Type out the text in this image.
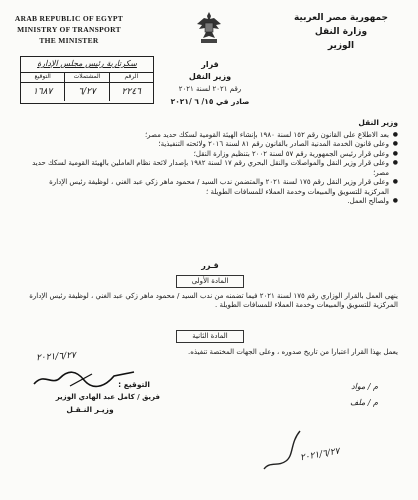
ARAB REPUBLIC OF EGYPT
MINISTRY OF TRANSPORT
THE MINISTER
جمهورية مصر العربية
وزارة النقل
الوزير
سكرتارية رئيس مجلس الإدارة
الرقم
المشتملات
التوقيع
٢٢٤٦
٦/٢٧
١٦٨٧
قرار
وزير النقل
رقم ٢٠٢١ لسنة ٢٠٢١
صادر في ١٥/ ٦ /٢٠٢١
وزير النقل
● بعد الاطلاع على القانون رقم ١٥٢ لسنة ١٩٨٠ بإنشاء الهيئة القومية لسكك حديد مصر؛
● وعلى قانون الخدمة المدنية الصادر بالقانون رقم ٨١ لسنة ٢٠١٦ ولائحته التنفيذية؛
● وعلى قرار رئيس الجمهورية رقم ٥٧ لسنة ٢٠٠٢ بتنظيم وزارة النقل؛
● وعلى قرار وزير النقل والمواصلات والنقل البحري رقم ١٧ لسنة ١٩٨٢ بإصدار لائحة نظام العاملين بالهيئة القومية لسكك حديد مصر؛
● وعلى قرار وزير النقل رقم ١٧٥ لسنة ٢٠٢١ والمتضمن ندب السيد / محمود ماهر زكي عبد الغني ، لوظيفة رئيس الإدارة المركزية للتسويق والمبيعات وخدمة العملاء للمسافات الطويلة ؛
● ولصالح العمل.
قـرر
المادة الأولى
ينهى العمل بالقرار الوزاري رقم ١٧٥ لسنة ٢٠٢١ فيما تضمنه من ندب السيد / محمود ماهر زكي عبد الغني ، لوظيفة رئيس الإدارة المركزية للتسويق والمبيعات وخدمة العملاء للمسافات الطويلة .
المادة الثانية
يعمل بهذا القرار اعتبارا من تاريخ صدوره ، وعلى الجهات المختصة تنفيذه.
٢٠٢١/٦/٢٧
التوقيع :
فريق / كامل عبد الهادي الوزير
وزيـر النـقـل
م / مواد
م / ملف
٢٠٢١/٦/٢٧
